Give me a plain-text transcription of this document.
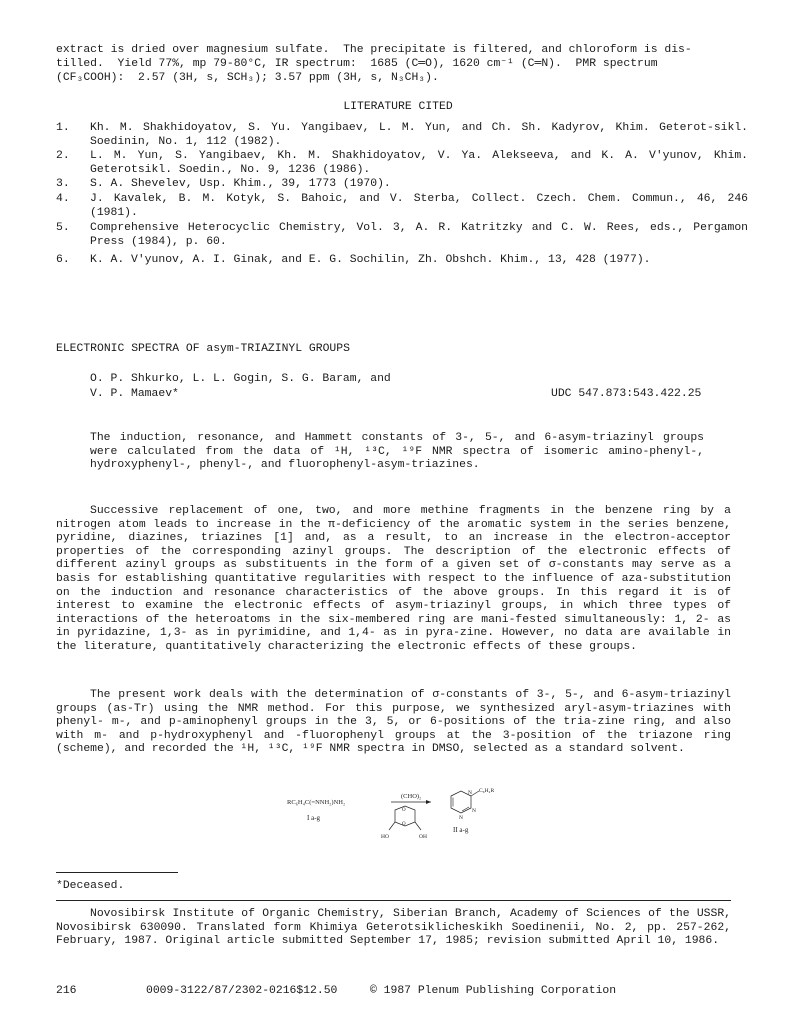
extract is dried over magnesium sulfate.  The precipitate is filtered, and chloroform is dis-
tilled.  Yield 77%, mp 79-80°C, IR spectrum:  1685 (C═O), 1620 cm⁻¹ (C═N).  PMR spectrum
(CF₃COOH):  2.57 (3H, s, SCH₃); 3.57 ppm (3H, s, N₃CH₃).
LITERATURE CITED
1. Kh. M. Shakhidoyatov, S. Yu. Yangibaev, L. M. Yun, and Ch. Sh. Kadyrov, Khim. Geterot-sikl. Soedinin, No. 1, 112 (1982).
2. L. M. Yun, S. Yangibaev, Kh. M. Shakhidoyatov, V. Ya. Alekseeva, and K. A. V'yunov, Khim. Geterotsikl. Soedin., No. 9, 1236 (1986).
3. S. A. Shevelev, Usp. Khim., 39, 1773 (1970).
4. J. Kavalek, B. M. Kotyk, S. Bahoic, and V. Sterba, Collect. Czech. Chem. Commun., 46, 246 (1981).
5. Comprehensive Heterocyclic Chemistry, Vol. 3, A. R. Katritzky and C. W. Rees, eds., Pergamon Press (1984), p. 60.
6. K. A. V'yunov, A. I. Ginak, and E. G. Sochilin, Zh. Obshch. Khim., 13, 428 (1977).
ELECTRONIC SPECTRA OF asym-TRIAZINYL GROUPS
O. P. Shkurko, L. L. Gogin, S. G. Baram, and
V. P. Mamaev*	UDC 547.873:543.422.25
The induction, resonance, and Hammett constants of 3-, 5-, and 6-asym-triazinyl groups were calculated from the data of ¹H, ¹³C, ¹⁹F NMR spectra of isomeric amino-phenyl-, hydroxyphenyl-, phenyl-, and fluorophenyl-asym-triazines.
Successive replacement of one, two, and more methine fragments in the benzene ring by a nitrogen atom leads to increase in the π-deficiency of the aromatic system in the series benzene, pyridine, diazines, triazines [1] and, as a result, to an increase in the electron-acceptor properties of the corresponding azinyl groups. The description of the electronic effects of different azinyl groups as substituents in the form of a given set of σ-constants may serve as a basis for establishing quantitative regularities with respect to the influence of aza-substitution on the induction and resonance characteristics of the above groups. In this regard it is of interest to examine the electronic effects of asym-triazinyl groups, in which three types of interactions of the heteroatoms in the six-membered ring are mani-fested simultaneously: 1, 2- as in pyridazine, 1,3- as in pyrimidine, and 1,4- as in pyra-zine. However, no data are available in the literature, quantitatively characterizing the electronic effects of these groups.
The present work deals with the determination of σ-constants of 3-, 5-, and 6-asym-triazinyl groups (as-Tr) using the NMR method. For this purpose, we synthesized aryl-asym-triazines with phenyl- m-, and p-aminophenyl groups in the 3, 5, or 6-positions of the tria-zine ring, and also with m- and p-hydroxyphenyl and -fluorophenyl groups at the 3-position of the triazone ring (scheme), and recorded the ¹H, ¹³C, ¹⁹F NMR spectra in DMSO, selected as a standard solvent.
RC₆H₄C(=NNH₂)NH₂
I a-g
(CHO)₂
O
O
HO	OH
N
N
N
C₆H₄R
II a-g
*Deceased.
Novosibirsk Institute of Organic Chemistry, Siberian Branch, Academy of Sciences of the USSR, Novosibirsk 630090. Translated form Khimiya Geterotsiklicheskikh Soedinenii, No. 2, pp. 257-262, February, 1987. Original article submitted September 17, 1985; revision submitted April 10, 1986.
216	0009-3122/87/2302-0216$12.50	© 1987 Plenum Publishing Corporation
